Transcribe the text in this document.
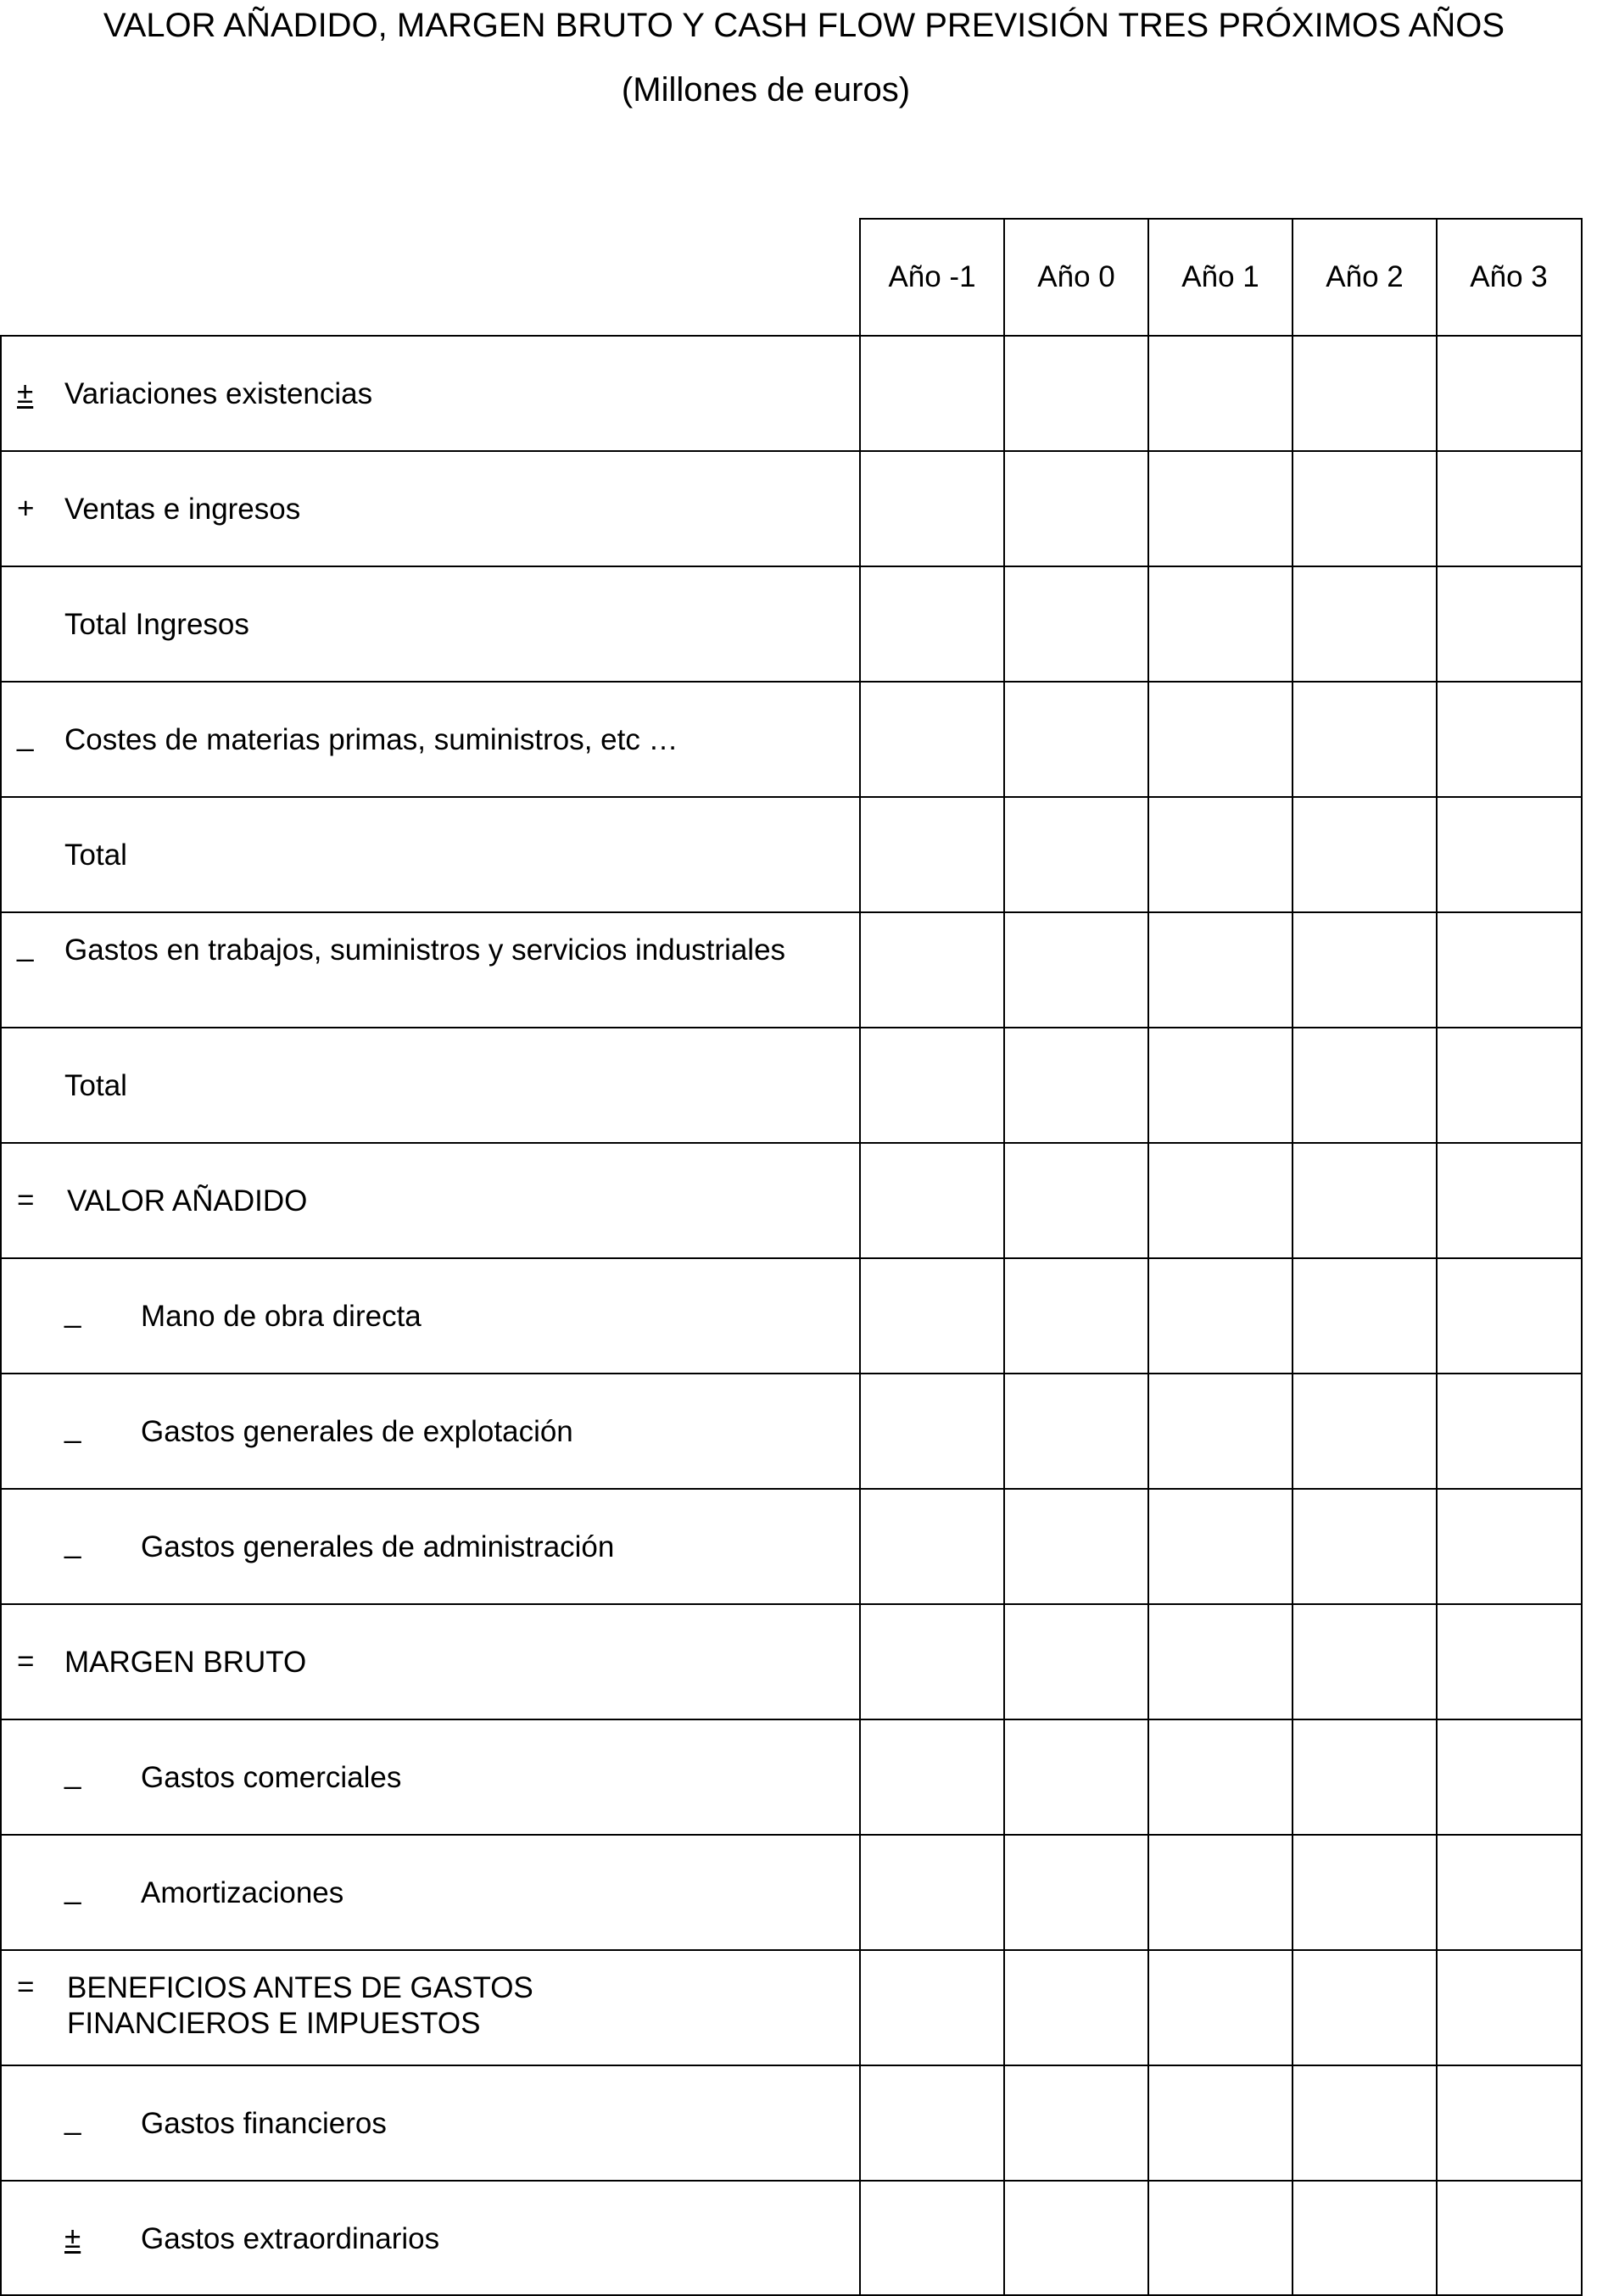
VALOR AÑADIDO, MARGEN BRUTO Y CASH FLOW PREVISIÓN TRES PRÓXIMOS AÑOS
(Millones de euros)
Año -1	Año 0	Año 1	Año 2	Año 3
± Variaciones existencias
+ Ventas e ingresos
Total Ingresos
_ Costes de materias primas, suministros, etc …
Total
_ Gastos en trabajos, suministros y servicios industriales
Total
= VALOR AÑADIDO
_ Mano de obra directa
_ Gastos generales de explotación
_ Gastos generales de administración
= MARGEN BRUTO
_ Gastos comerciales
_ Amortizaciones
= BENEFICIOS ANTES DE GASTOS
FINANCIEROS E IMPUESTOS
_ Gastos financieros
± Gastos extraordinarios
